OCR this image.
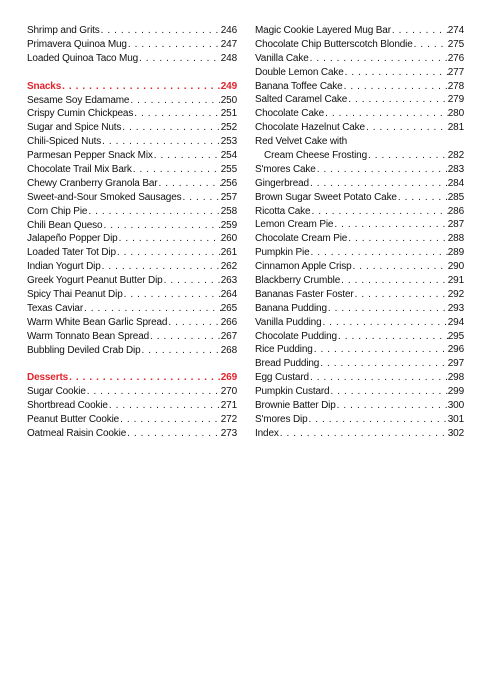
Shrimp and Grits . . .	246
Primavera Quinoa Mug . . .	247
Loaded Quinoa Taco Mug . . .	248
Snacks . . .	249
Sesame Soy Edamame . . .	250
Crispy Cumin Chickpeas . . .	251
Sugar and Spice Nuts . . .	252
Chili-Spiced Nuts . . .	253
Parmesan Pepper Snack Mix . . .	254
Chocolate Trail Mix Bark . . .	255
Chewy Cranberry Granola Bar . . .	256
Sweet-and-Sour Smoked Sausages . . .	257
Corn Chip Pie . . .	258
Chili Bean Queso . . .	259
Jalapeño Popper Dip . . .	260
Loaded Tater Tot Dip . . .	261
Indian Yogurt Dip . . .	262
Greek Yogurt Peanut Butter Dip . . .	263
Spicy Thai Peanut Dip . . .	264
Texas Caviar . . .	265
Warm White Bean Garlic Spread . . .	266
Warm Tonnato Bean Spread . . .	267
Bubbling Deviled Crab Dip . . .	268
Desserts . . .	269
Sugar Cookie . . .	270
Shortbread Cookie . . .	271
Peanut Butter Cookie . . .	272
Oatmeal Raisin Cookie . . .	273
Magic Cookie Layered Mug Bar . . .	274
Chocolate Chip Butterscotch Blondie . . .	275
Vanilla Cake . . .	276
Double Lemon Cake . . .	277
Banana Toffee Cake . . .	278
Salted Caramel Cake . . .	279
Chocolate Cake . . .	280
Chocolate Hazelnut Cake . . .	281
Red Velvet Cake with
Cream Cheese Frosting . . .	282
S'mores Cake . . .	283
Gingerbread . . .	284
Brown Sugar Sweet Potato Cake . . .	285
Ricotta Cake . . .	286
Lemon Cream Pie . . .	287
Chocolate Cream Pie . . .	288
Pumpkin Pie . . .	289
Cinnamon Apple Crisp . . .	290
Blackberry Crumble . . .	291
Bananas Faster Foster . . .	292
Banana Pudding . . .	293
Vanilla Pudding . . .	294
Chocolate Pudding . . .	295
Rice Pudding . . .	296
Bread Pudding . . .	297
Egg Custard . . .	298
Pumpkin Custard . . .	299
Brownie Batter Dip . . .	300
S'mores Dip . . .	301
Index . . .	302
